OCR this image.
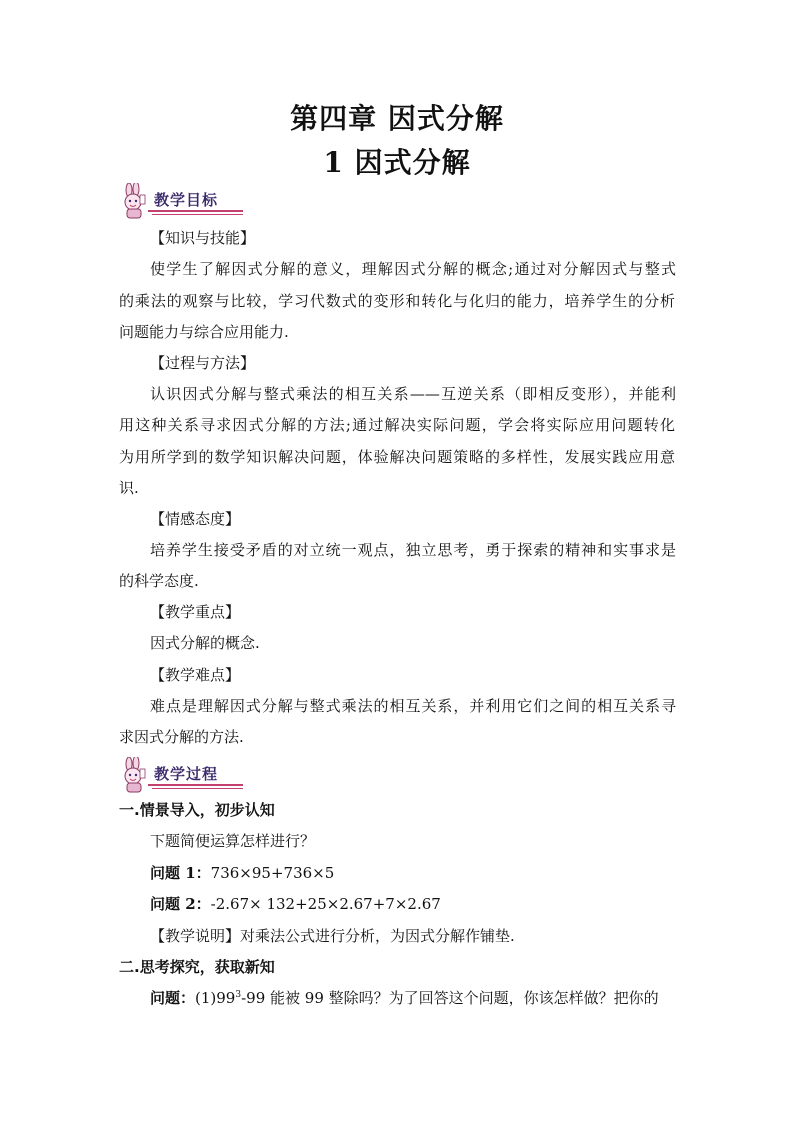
第四章 因式分解
1 因式分解
教学目标
【知识与技能】
使学生了解因式分解的意义，理解因式分解的概念;通过对分解因式与整式
的乘法的观察与比较，学习代数式的变形和转化与化归的能力，培养学生的分析
问题能力与综合应用能力.
【过程与方法】
认识因式分解与整式乘法的相互关系——互逆关系（即相反变形），并能利
用这种关系寻求因式分解的方法;通过解决实际问题，学会将实际应用问题转化
为用所学到的数学知识解决问题，体验解决问题策略的多样性，发展实践应用意
识.
【情感态度】
培养学生接受矛盾的对立统一观点，独立思考，勇于探索的精神和实事求是
的科学态度.
【教学重点】
因式分解的概念.
【教学难点】
难点是理解因式分解与整式乘法的相互关系，并利用它们之间的相互关系寻
求因式分解的方法.
教学过程
一.情景导入，初步认知
下题简便运算怎样进行？
问题 1：736×95+736×5
问题 2：-2.67× 132+25×2.67+7×2.67
【教学说明】对乘法公式进行分析，为因式分解作铺垫.
二.思考探究，获取新知
问题：$(1)99^3-99$ 能被 99 整除吗？为了回答这个问题，你该怎样做？把你的
